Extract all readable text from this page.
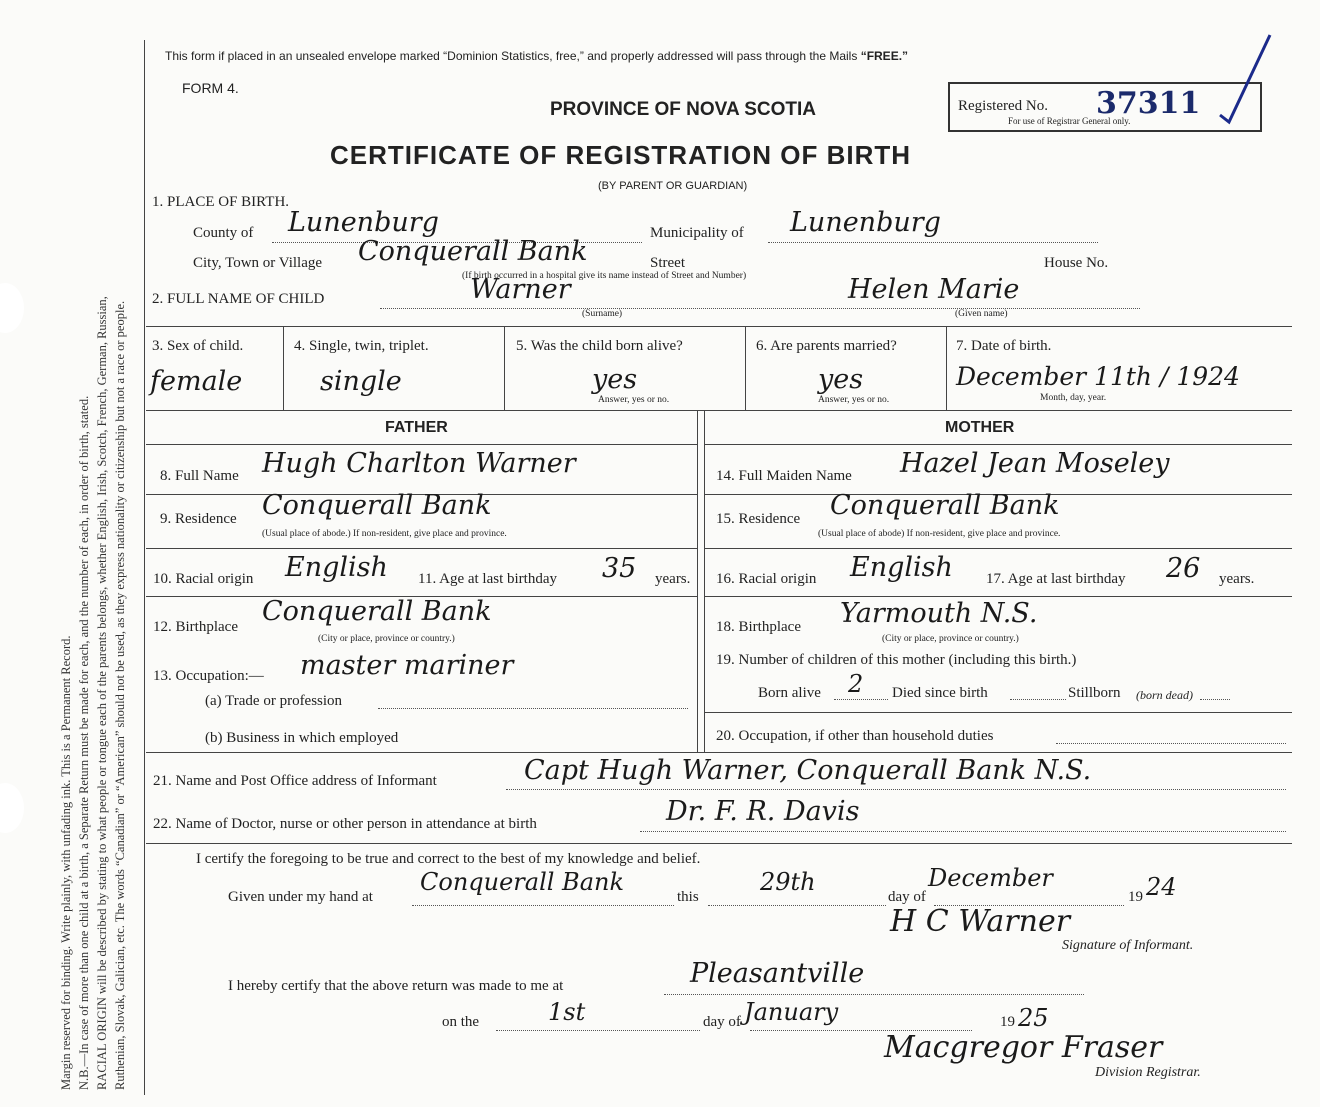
Margin reserved for binding. Write plainly, with unfading ink. This is a Permanent Record. N.B.—In case of more than one child at a birth, a Separate Return must be made for each, and the number of each, in order of birth, stated. RACIAL ORIGIN will be described by stating to what people or tongue each of the parents belongs, whether English, Irish, Scotch, French, German, Russian, Ruthenian, Slovak, Galician, etc. The words “Canadian” or “American” should not be used, as they express nationality or citizenship but not a race or people.
This form if placed in an unsealed envelope marked “Dominion Statistics, free,” and properly addressed will pass through the Mails “FREE.”
FORM 4.
PROVINCE OF NOVA SCOTIA
CERTIFICATE OF REGISTRATION OF BIRTH
(BY PARENT OR GUARDIAN)
Registered No. 37311
For use of Registrar General only.
1. PLACE OF BIRTH.
County of Lunenburg	Municipality of Lunenburg
City, Town or Village Conquerall Bank	Street	House No.
(If birth occurred in a hospital give its name instead of Street and Number)
2. FULL NAME OF CHILD	Warner
(Surname)
Helen Marie
(Given name)
3. Sex of child.
female
4. Single, twin, triplet.
single
5. Was the child born alive?
yes
Answer, yes or no.
6. Are parents married?
yes
Answer, yes or no.
7. Date of birth.
December 11th / 1924
Month, day, year.
FATHER	MOTHER
8. Full Name Hugh Charlton Warner
9. Residence Conquerall Bank
(Usual place of abode.) If non-resident, give place and province.
10. Racial origin English 11. Age at last birthday 35 years.
12. Birthplace Conquerall Bank
(City or place, province or country.)
13. Occupation:— master mariner
(a) Trade or profession
(b) Business in which employed
14. Full Maiden Name Hazel Jean Moseley
15. Residence Conquerall Bank
(Usual place of abode) If non-resident, give place and province.
16. Racial origin English 17. Age at last birthday 26 years.
18. Birthplace Yarmouth N.S.
(City or place, province or country.)
19. Number of children of this mother (including this birth.)
Born alive 2 Died since birth	Stillborn (born dead)
20. Occupation, if other than household duties
21. Name and Post Office address of Informant	Capt Hugh Warner, Conquerall Bank N.S.
22. Name of Doctor, nurse or other person in attendance at birth	Dr. F. R. Davis
I certify the foregoing to be true and correct to the best of my knowledge and belief.
Given under my hand at
Conquerall Bank
this
29th
day of
December
19 24
H C Warner
Signature of Informant.
I hereby certify that the above return was made to me at	Pleasantville
on the	1st	day of January	19 25
Macgregor Fraser
Division Registrar.
